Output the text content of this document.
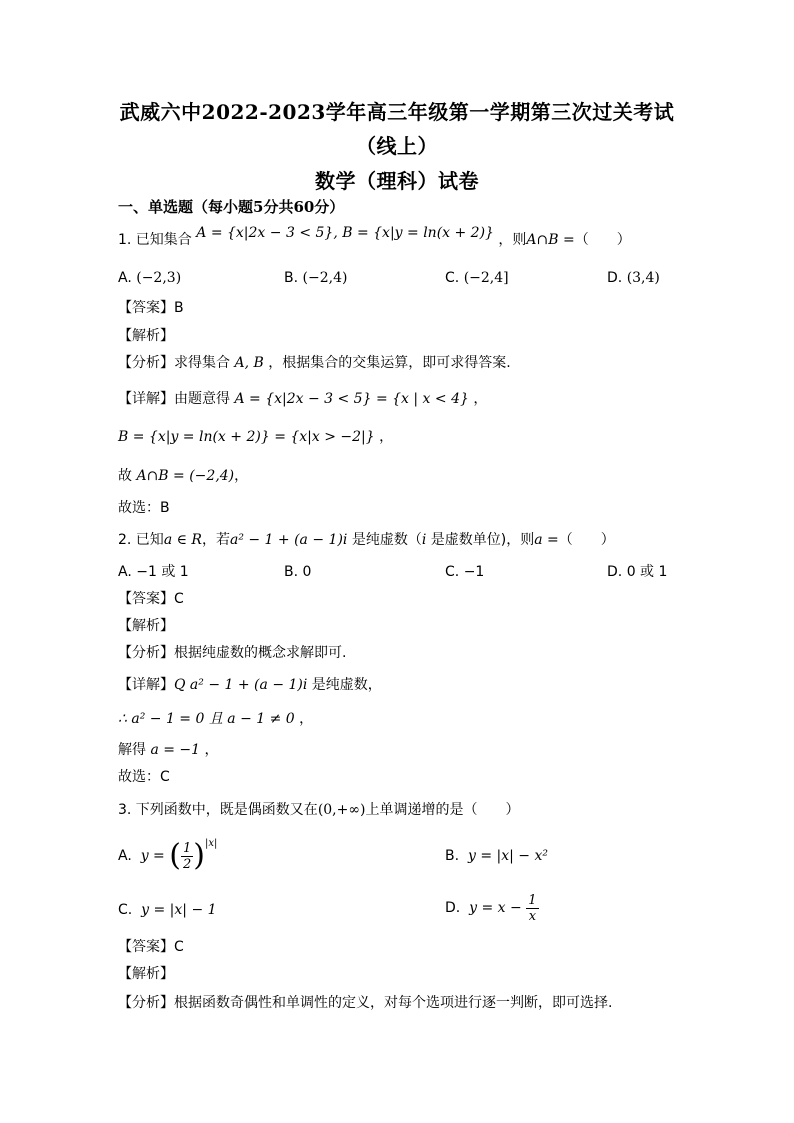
武威六中2022-2023学年高三年级第一学期第三次过关考试
（线上）
数学（理科）试卷
一、单选题（每小题5分共60分）
1. 已知集合 A = {x|2x − 3 < 5}, B = {x|y = ln(x + 2)} ，则A∩B =（　　）
A. (−2,3)	B. (−2,4)	C. (−2,4]	D. (3,4)
【答案】B
【解析】
【分析】求得集合 A, B ，根据集合的交集运算，即可求得答案.
【详解】由题意得 A = {x|2x − 3 < 5} = {x | x < 4} ，
B = {x|y = ln(x + 2)} = {x|x > −2|} ，
故 A∩B = (−2,4)，
故选：B
2. 已知a ∈ R，若a² − 1 + (a − 1)i 是纯虚数（i 是虚数单位)，则a =（　　）
A. −1 或 1	B. 0	C. −1	D. 0 或 1
【答案】C
【解析】
【分析】根据纯虚数的概念求解即可.
【详解】Q a² − 1 + (a − 1)i 是纯虚数，
∴ a² − 1 = 0 且 a − 1 ≠ 0 ，
解得 a = −1 ，
故选：C
3. 下列函数中，既是偶函数又在(0,+∞)上单调递增的是（　　）
A.
y =
( $\frac{1}{2} )^{|x|}$
B. y = |x| − x²
C. y = |x| − 1	D.
y = x −
$\frac{1}{x}$
【答案】C
【解析】
【分析】根据函数奇偶性和单调性的定义，对每个选项进行逐一判断，即可选择.
